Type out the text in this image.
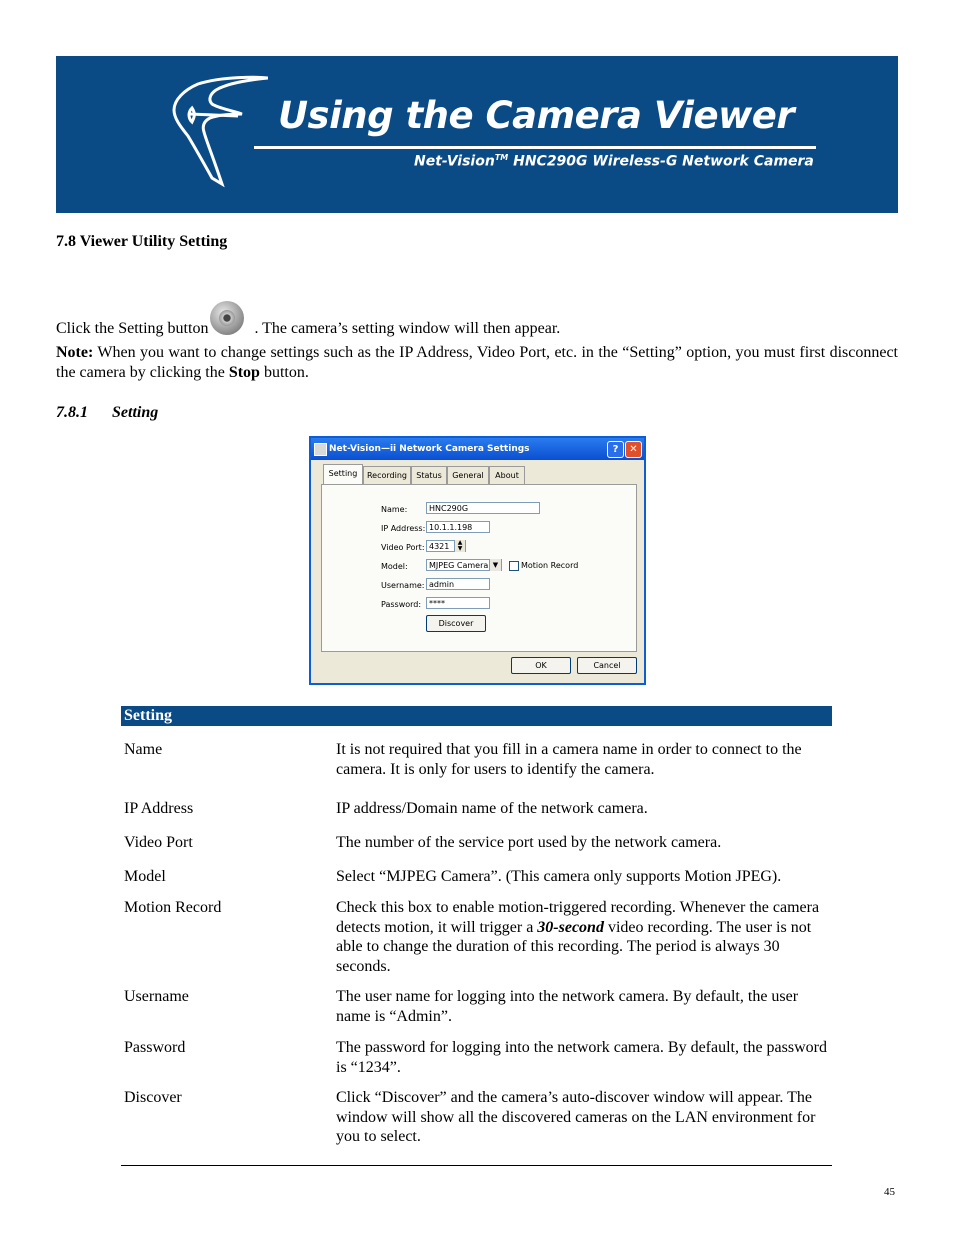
Using the Camera Viewer
Net-Vision™ HNC290G Wireless-G Network Camera
7.8 Viewer Utility Setting
Click the Setting button	. The camera’s setting window will then appear.
Note: When you want to change settings such as the IP Address, Video Port, etc. in the “Setting” option, you must first disconnect the camera by clicking the Stop button.
7.8.1 Setting
Net-Vision—ii Network Camera Settings	?	✕
Setting	Recording	Status	General	About
Name:	HNC290G
IP Address: 10.1.1.198
Video Port: 4321	▲
▼
Model:	MJPEG Camera ▼	Motion Record
Username: admin
Password: ****
Discover
OK	Cancel
Setting
Name	It is not required that you fill in a camera name in order to connect to the camera. It is only for users to identify the camera.
IP Address	IP address/Domain name of the network camera.
Video Port	The number of the service port used by the network camera.
Model	Select “MJPEG Camera”. (This camera only supports Motion JPEG).
Motion Record	Check this box to enable motion-triggered recording. Whenever the camera detects motion, it will trigger a 30-second video recording. The user is not able to change the duration of this recording. The period is always 30 seconds.
Username	The user name for logging into the network camera. By default, the user name is “Admin”.
Password	The password for logging into the network camera. By default, the password is “1234”.
Discover	Click “Discover” and the camera’s auto-discover window will appear. The window will show all the discovered cameras on the LAN environment for you to select.
45
